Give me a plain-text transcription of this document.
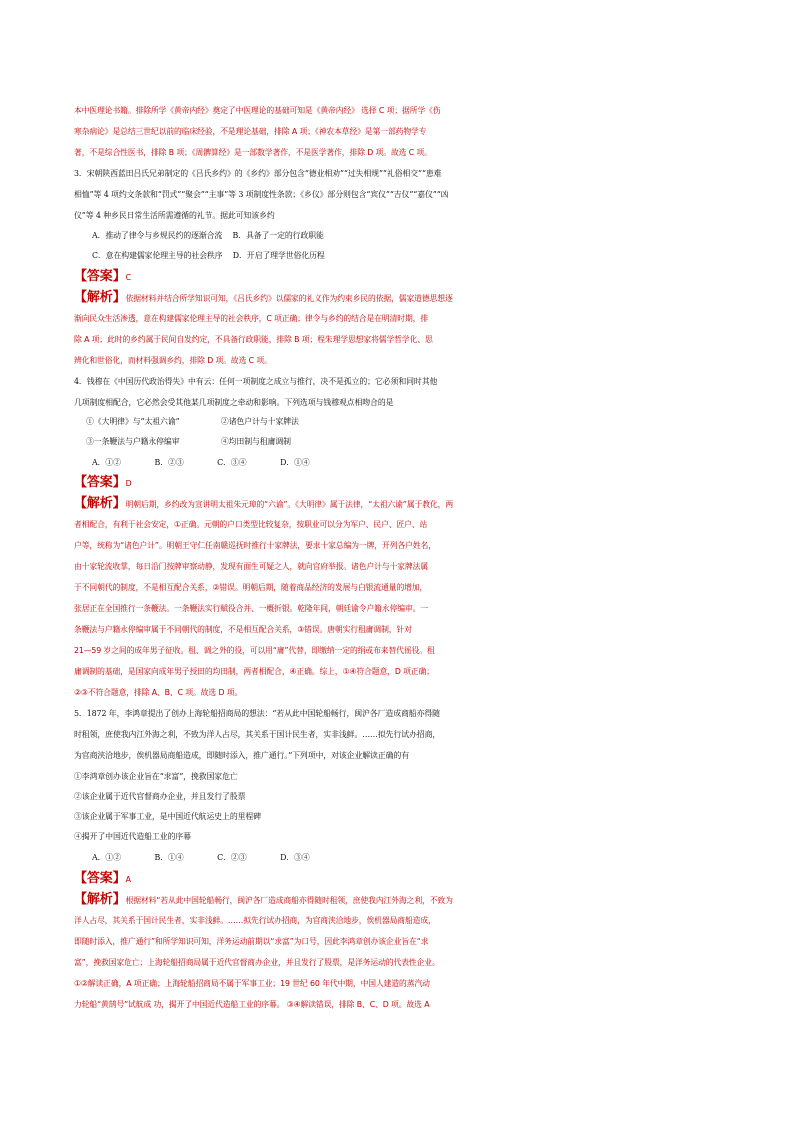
本中医理论书籍。排除所学《黄帝内经》奠定了中医理论的基础可知是《黄帝内经》 选择 C 项；据所学《伤
寒杂病论》是总结三世纪以前的临床经验，不是理论基础，排除 A 项；《神农本草经》是第一部药物学专
著，不是综合性医书，排除 B 项；《周髀算经》是一部数学著作，不是医学著作，排除 D 项。故选 C 项。
3．宋朝陕西蓝田吕氏兄弟制定的《吕氏乡约》的《乡约》部分包含“德业相劝”“过失相规”“礼俗相交”“患难
相恤”等 4 项约文条款和“罚式”“聚会”“主事”等 3 项制度性条款；《乡仪》部分则包含“宾仪”“吉仪”“嘉仪”“凶
仪”等 4 种乡民日常生活所需遵循的礼节。据此可知该乡约
A．推动了律令与乡规民约的逐渐合流　 B．具备了一定的行政职能
C．意在构建儒家伦理主导的社会秩序　 D．开启了理学世俗化历程
【答案】C
【解析】依据材料并结合所学知识可知，《吕氏乡约》以儒家的礼义作为约束乡民的依据，儒家道德思想逐
渐向民众生活渗透，意在构建儒家伦理主导的社会秩序，C 项正确；律令与乡约的结合是在明清时期，排
除 A 项；此时的乡约属于民间自发约定，不具备行政职能，排除 B 项；程朱理学思想家将儒学哲学化、思
辨化和世俗化，而材料强调乡约，排除 D 项。故选 C 项。
4．钱穆在《中国历代政治得失》中有云：任何一项制度之成立与推行，决不是孤立的；它必须和同时其他
几项制度相配合，它必然会受其他某几项制度之牵动和影响。下列选项与钱穆观点相吻合的是
①《大明律》与“太祖六谕”　　　　　 ②诸色户计与十家牌法
③一条鞭法与户籍永停编审　　　　　 ④均田制与租庸调制
A．①②　　　　 B．②③　　　　 C．③④　　　　 D．①④
【答案】D
【解析】明朝后期，乡约改为宣讲明太祖朱元璋的“六谕”。《大明律》属于法律，“太祖六谕”属于教化，两
者相配合，有利于社会安定，①正确。元朝的户口类型比较复杂，按职业可以分为军户、民户、匠户、站
户等，统称为“诸色户计”。明朝王守仁任南赣巡抚时推行十家牌法，要求十家总编为一牌，开列各户姓名，
由十家轮流收掌，每日沿门按牌审察动静，发现有面生可疑之人，就向官府举报。诸色户计与十家牌法属
于不同朝代的制度，不是相互配合关系，②错误。明朝后期，随着商品经济的发展与白银流通量的增加，
张居正在全国推行一条鞭法。一条鞭法实行赋役合并、一概折银。乾隆年间，朝廷谕令户籍永停编审。一
条鞭法与户籍永停编审属于不同朝代的制度，不是相互配合关系，③错误。唐朝实行租庸调制，针对
21—59 岁之间的成年男子征收。租、调之外的役，可以用“庸”代替，即缴纳一定的绢或布来替代徭役。租
庸调制的基础，是国家向成年男子授田的均田制，两者相配合，④正确。综上，①④符合题意，D 项正确；
②③不符合题意，排除 A、B、C 项。故选 D 项。
5．1872 年，李鸿章提出了创办上海轮船招商局的想法：“若从此中国轮船畅行，闽沪各厂造成商船亦得随
时租领，庶使我内江外海之利，不致为洋人占尽，其关系于国计民生者，实非浅鲜。……拟先行试办招商，
为官商浃洽地步，俟机器局商船造成，即随时添入，推广通行。”下列项中，对该企业解读正确的有
①李鸿章创办该企业旨在“求富”，挽救国家危亡
②该企业属于近代官督商办企业，并且发行了股票
③该企业属于军事工业，是中国近代航运史上的里程碑
④揭开了中国近代造船工业的序幕
A．①②　　　　 B．①④　　　　 C．②③　　　　 D．③④
【答案】A
【解析】根据材料“若从此中国轮船畅行，闽沪各厂造成商船亦得随时租领，庶使我内江外海之利，不致为
洋人占尽，其关系于国计民生者，实非浅鲜。……拟先行试办招商，为官商浃洽地步，俟机器局商船造成，
即随时添入，推广通行”和所学知识可知，洋务运动前期以“求富”为口号，因此李鸿章创办该企业旨在“求
富”，挽救国家危亡；上海轮船招商局属于近代官督商办企业，并且发行了股票，是洋务运动的代表性企业。
①②解读正确，A 项正确；上海轮船招商局不属于军事工业；19 世纪 60 年代中期，中国人建造的蒸汽动
力轮船“黄鹄号”试航成 功，揭开了中国近代造船工业的序幕。 ③④解读错误，排除 B、C、D 项。故选 A
